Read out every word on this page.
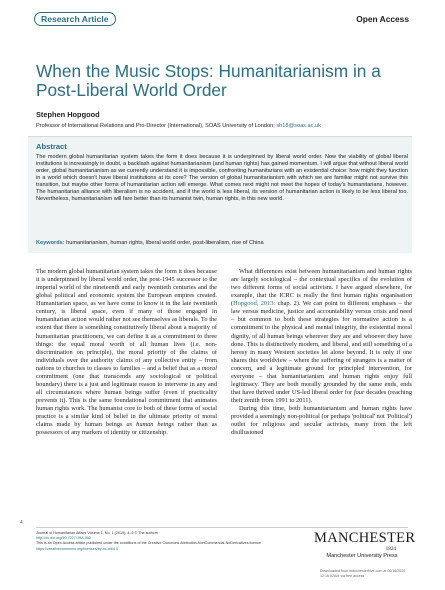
Research Article	Open Access
When the Music Stops: Humanitarianism in a Post-Liberal World Order
Stephen Hopgood
Professor of International Relations and Pro-Director (International), SOAS University of London; sh18@soas.ac.uk
Abstract
The modern global humanitarian system takes the form it does because it is underpinned by liberal world order. Now the viability of global liberal institutions is increasingly in doubt, a backlash against humanitarianism (and human rights) has gained momentum. I will argue that without liberal world order, global humanitarianism as we currently understand it is impossible, confronting humanitarians with an existential choice: how might they function in a world which doesn't have liberal institutions at its core? The version of global humanitarianism with which we are familiar might not survive this transition, but maybe other forms of humanitarian action will emerge. What comes next might not meet the hopes of today's humanitarians, however. The humanitarian alliance with liberalism is no accident, and if the world is less liberal, its version of humanitarian action is likely to be less liberal too. Nevertheless, humanitarianism will fare better than its humanist twin, human rights, in this new world.
Keywords: humanitarianism, human rights, liberal world order, post-liberalism, rise of China

The modern global humanitarian system takes the form it does because it is underpinned by liberal world order, the post-1945 successor to the imperial world of the nineteenth and early twentieth centuries and the global political and economic system the European empires created. Humanitarian space, as we have come to know it in the late twentieth century, is liberal space, even if many of those engaged in humanitarian action would rather not see themselves as liberals. To the extent that there is something constitutively liberal about a majority of humanitarian practitioners, we can define it as a commitment to three things: the equal moral worth of all human lives (i.e. non-discrimination on principle), the moral priority of the claims of individuals over the authority claims of any collective entity – from nations to churches to classes to families – and a belief that as a moral commitment (one that transcends any sociological or political boundary) there is a just and legitimate reason to intervene in any and all circumstances where human beings suffer (even if practicality prevents it). This is the same foundational commitment that animates human rights work. The humanist core to both of these forms of social practice is a similar kind of belief in the ultimate priority of moral claims made by human beings as human beings rather than as possessors of any markers of identity or citizenship.

What differences exist between humanitarianism and human rights are largely sociological – the contextual specifics of the evolution of two different forms of social activism. I have argued elsewhere, for example, that the ICRC is really the first human rights organisation (Hopgood, 2013: chap. 2). We can point to different emphases – the law versus medicine, justice and accountability versus crisis and need – but common to both these strategies for normative action is a commitment to the physical and mental integrity, the existential moral dignity, of all human beings wherever they are and whoever they have done. This is distinctively modern, and liberal, and still something of a heresy in many Western societies let alone beyond. It is only if one shares this worldview – where the suffering of strangers is a matter of concern, and a legitimate ground for principled intervention, for everyone – that humanitarianism and human rights enjoy full legitimacy. They are both morally grounded by the same ends, ends that have thrived under US-led liberal order for four decades (reaching their zenith from 1991 to 2011).

During this time, both humanitarianism and human rights have provided a seemingly non-political (or perhaps 'political' not 'Political') outlet for religious and secular activists, many from the left disillusioned

4
Journal of Humanitarian Affairs Volume 1, No. 1 (2019), 4–6 © The authors
http://dx.doi.org/10.7227/JHA.002
This is an Open Access article published under the conditions of the Creative Commons Attribution-NonCommercial-NoDerivatives licence
https://creativecommons.org/licenses/by-nc-nd/4.0
MANCHESTER
1824
Manchester University Press
Downloaded from manchesterhive.com at 06/16/2020 12:16:52AM via free access
